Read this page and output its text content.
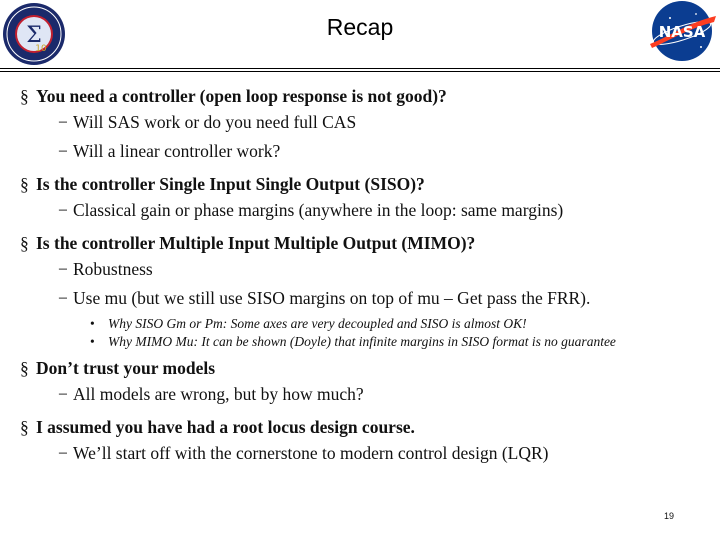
Σ
10
Recap	NASA
§ You need a controller (open loop response is not good)?
− Will SAS work or do you need full CAS
− Will a linear controller work?
§ Is the controller Single Input Single Output (SISO)?
− Classical gain or phase margins (anywhere in the loop: same margins)
§ Is the controller Multiple Input Multiple Output (MIMO)?
− Robustness
− Use mu (but we still use SISO margins on top of mu – Get pass the FRR).
• Why SISO Gm or Pm: Some axes are very decoupled and SISO is almost OK!
• Why MIMO Mu: It can be shown (Doyle) that infinite margins in SISO format is no guarantee
§ Don’t trust your models
− All models are wrong, but by how much?
§ I assumed you have had a root locus design course.
− We’ll start off with the cornerstone to modern control design (LQR)
19
